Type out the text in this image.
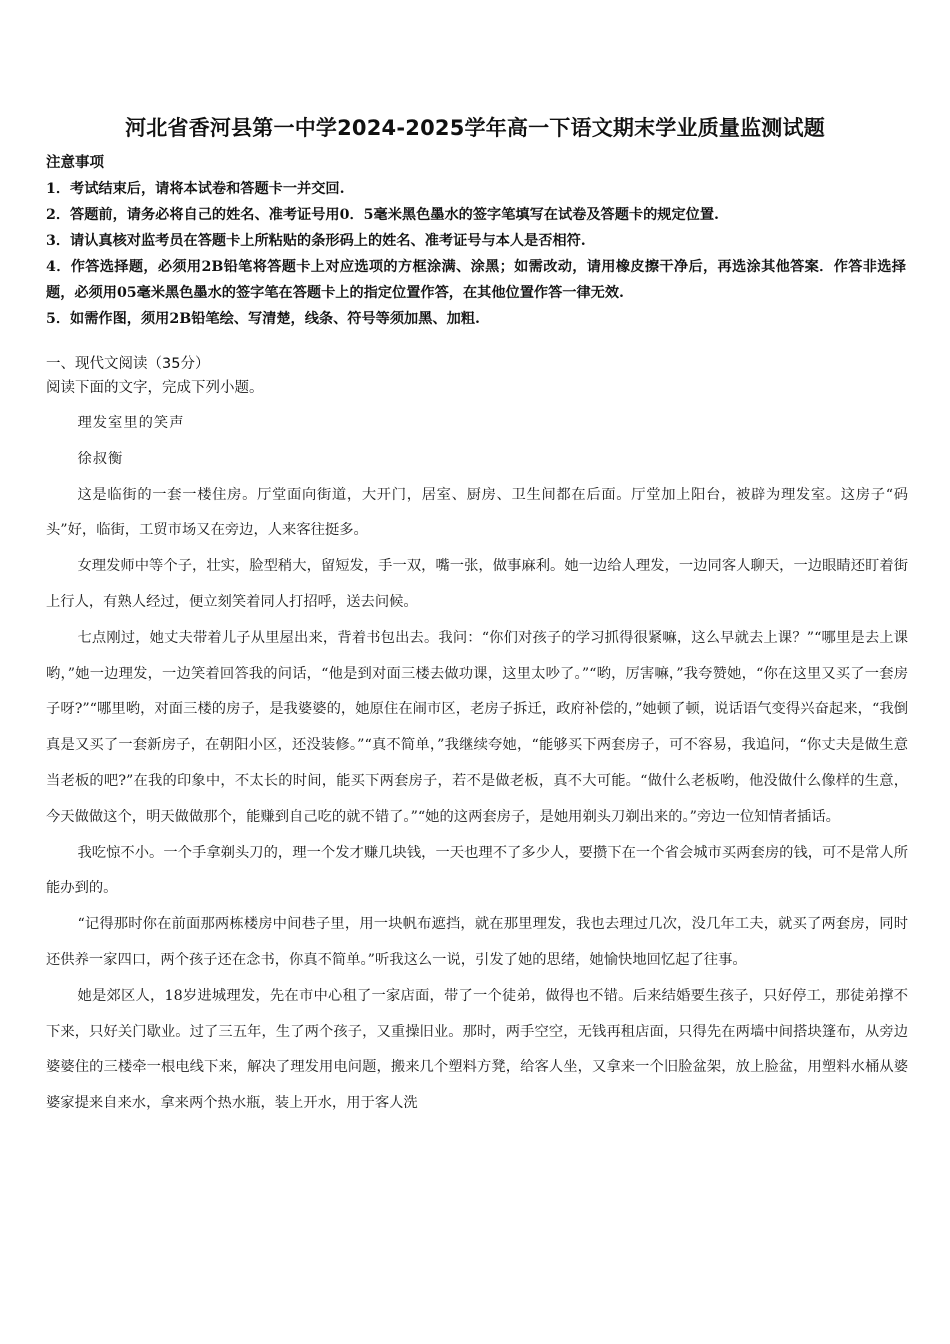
河北省香河县第一中学2024-2025学年高一下语文期末学业质量监测试题

注意事项

1．考试结束后，请将本试卷和答题卡一并交回.

2．答题前，请务必将自己的姓名、准考证号用0．5毫米黑色墨水的签字笔填写在试卷及答题卡的规定位置.

3．请认真核对监考员在答题卡上所粘贴的条形码上的姓名、准考证号与本人是否相符.

4．作答选择题，必须用2B铅笔将答题卡上对应选项的方框涂满、涂黑；如需改动，请用橡皮擦干净后，再选涂其他答案．作答非选择题，必须用05毫米黑色墨水的签字笔在答题卡上的指定位置作答，在其他位置作答一律无效.

5．如需作图，须用2B铅笔绘、写清楚，线条、符号等须加黑、加粗.

一、现代文阅读（35分）

阅读下面的文字，完成下列小题。

理发室里的笑声

徐叔衡

这是临街的一套一楼住房。厅堂面向街道，大开门，居室、厨房、卫生间都在后面。厅堂加上阳台，被辟为理发室。这房子“码头”好，临街，工贸市场又在旁边，人来客往挺多。

女理发师中等个子，壮实，脸型稍大，留短发，手一双，嘴一张，做事麻利。她一边给人理发，一边同客人聊天，一边眼睛还盯着街上行人，有熟人经过，便立刻笑着同人打招呼，送去问候。

七点刚过，她丈夫带着儿子从里屋出来，背着书包出去。我问：“你们对孩子的学习抓得很紧嘛，这么早就去上课？”“哪里是去上课哟，”她一边理发，一边笑着回答我的问话，“他是到对面三楼去做功课，这里太吵了。”“哟，厉害嘛，”我夸赞她，“你在这里又买了一套房子呀?”“哪里哟，对面三楼的房子，是我婆婆的，她原住在闹市区，老房子拆迁，政府补偿的，”她顿了顿，说话语气变得兴奋起来，“我倒真是又买了一套新房子，在朝阳小区，还没装修。”“真不简单，”我继续夸她，“能够买下两套房子，可不容易，我追问，“你丈夫是做生意当老板的吧?”在我的印象中，不太长的时间，能买下两套房子，若不是做老板，真不大可能。“做什么老板哟，他没做什么像样的生意，今天做做这个，明天做做那个，能赚到自己吃的就不错了。”“她的这两套房子，是她用剃头刀剃出来的。”旁边一位知情者插话。

我吃惊不小。一个手拿剃头刀的，理一个发才赚几块钱，一天也理不了多少人，要攒下在一个省会城市买两套房的钱，可不是常人所能办到的。

“记得那时你在前面那两栋楼房中间巷子里，用一块帆布遮挡，就在那里理发，我也去理过几次，没几年工夫，就买了两套房，同时还供养一家四口，两个孩子还在念书，你真不简单。”听我这么一说，引发了她的思绪，她愉快地回忆起了往事。

她是郊区人，18岁进城理发，先在市中心租了一家店面，带了一个徒弟，做得也不错。后来结婚要生孩子，只好停工，那徒弟撑不下来，只好关门歇业。过了三五年，生了两个孩子，又重操旧业。那时，两手空空，无钱再租店面，只得先在两墙中间搭块篷布，从旁边婆婆住的三楼牵一根电线下来，解决了理发用电问题，搬来几个塑料方凳，给客人坐，又拿来一个旧脸盆架，放上脸盆，用塑料水桶从婆婆家提来自来水，拿来两个热水瓶，装上开水，用于客人洗
